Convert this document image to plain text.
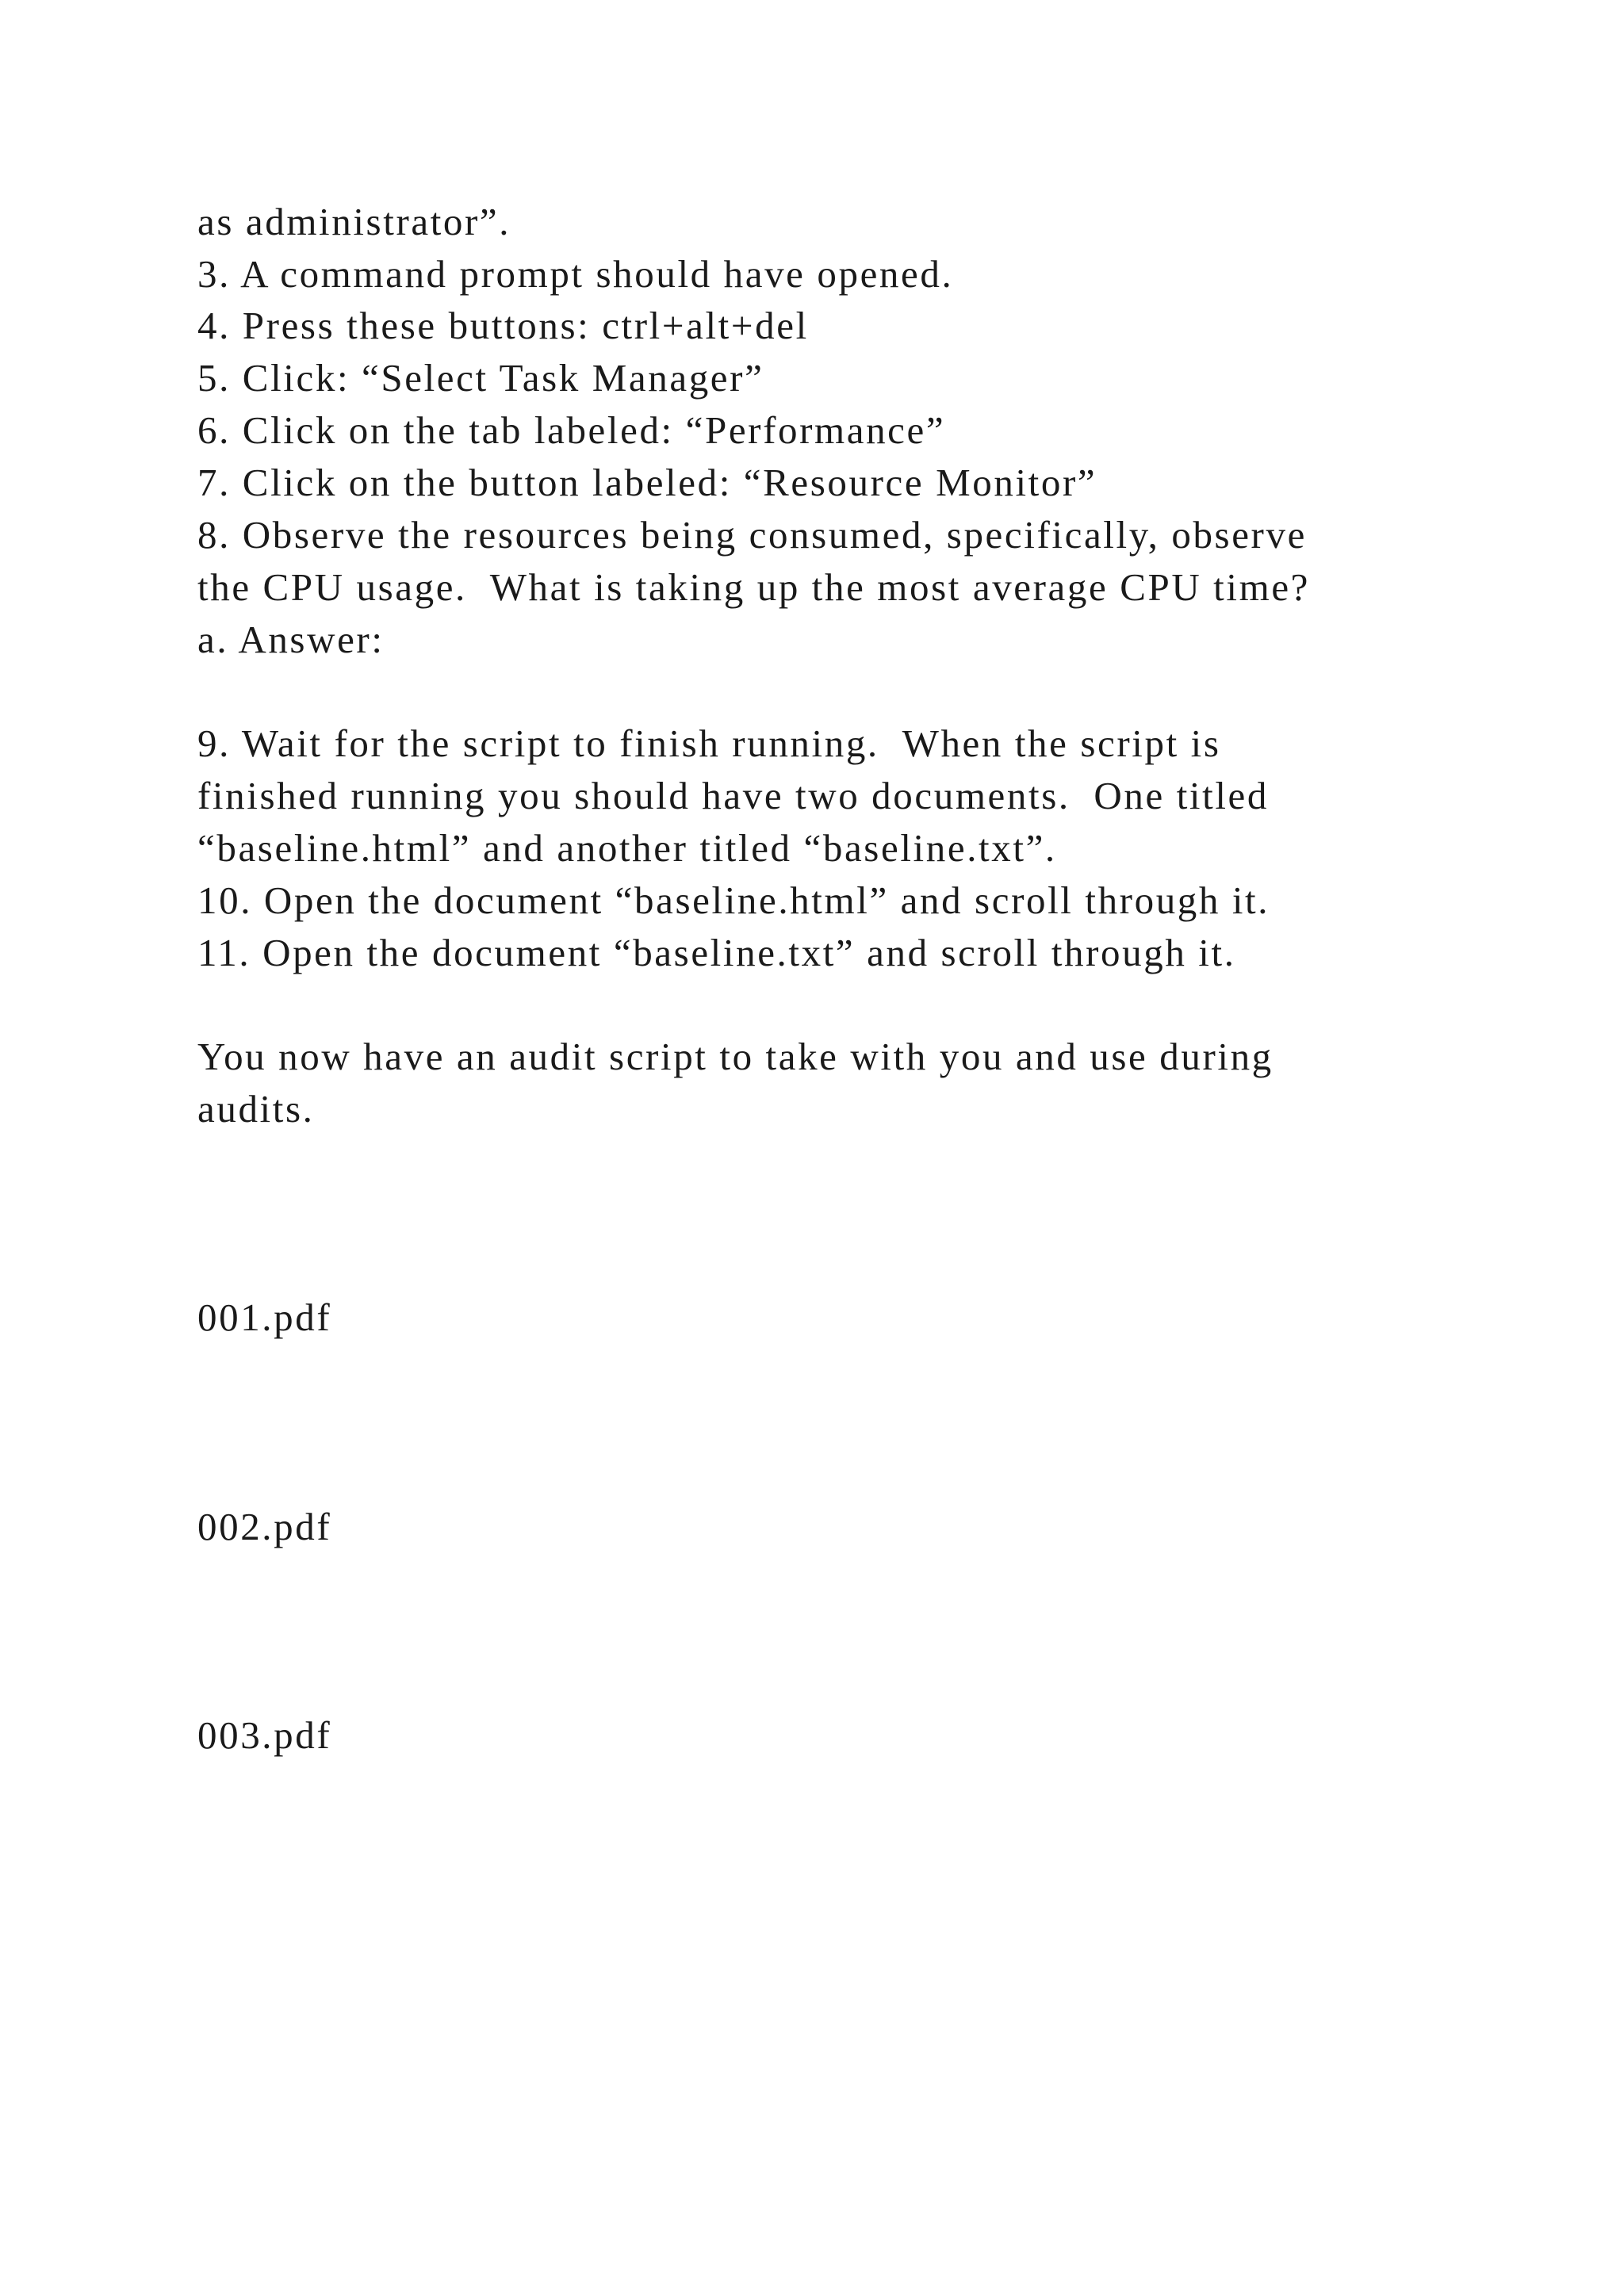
as administrator”.
3. A command prompt should have opened.
4. Press these buttons: ctrl+alt+del
5. Click: “Select Task Manager”
6. Click on the tab labeled: “Performance”
7. Click on the button labeled: “Resource Monitor”
8. Observe the resources being consumed, specifically, observe
the CPU usage.  What is taking up the most average CPU time?
a. Answer:
9. Wait for the script to finish running.  When the script is
finished running you should have two documents.  One titled
“baseline.html” and another titled “baseline.txt”.
10. Open the document “baseline.html” and scroll through it.
11. Open the document “baseline.txt” and scroll through it.
You now have an audit script to take with you and use during
audits.
001.pdf
002.pdf
003.pdf
